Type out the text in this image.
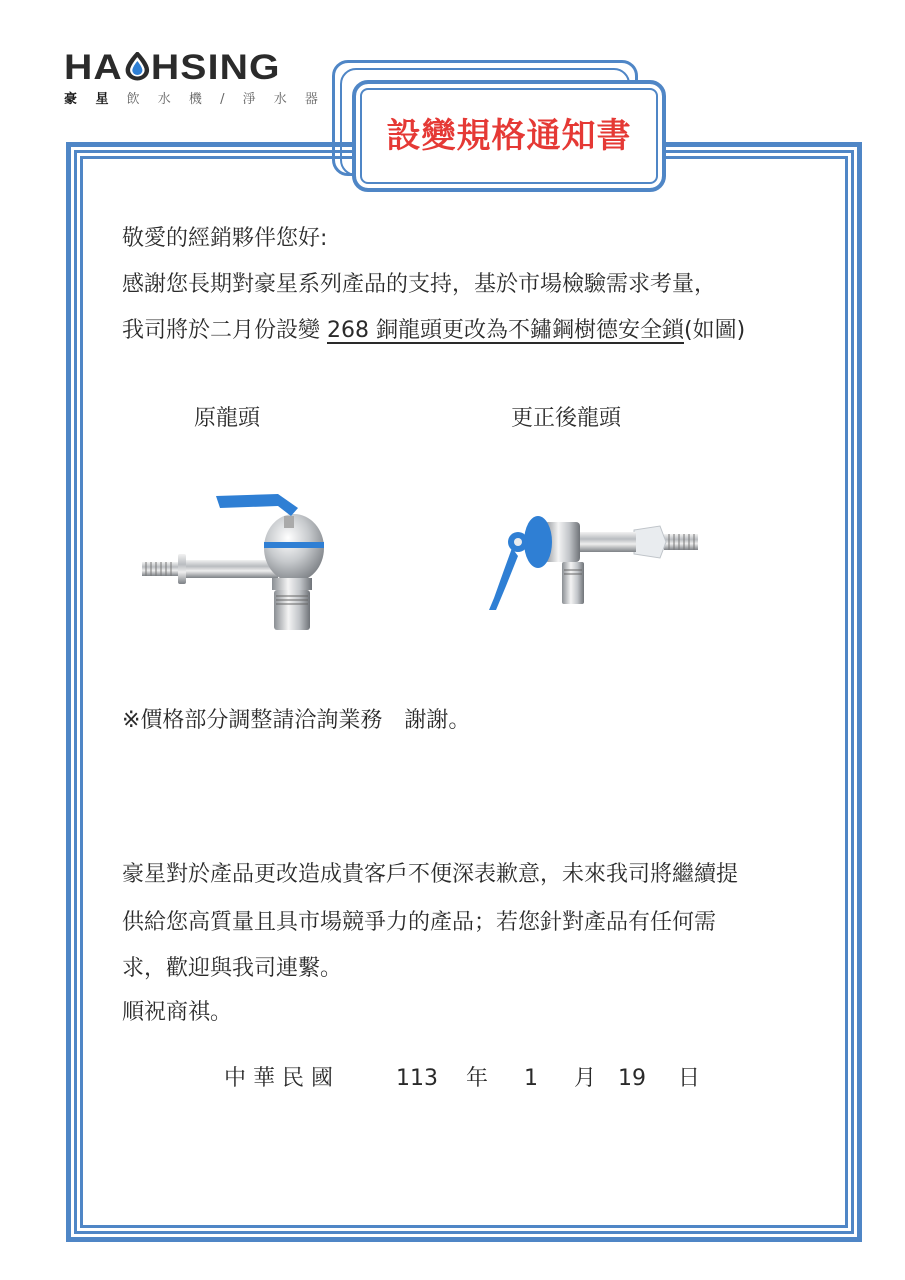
HA HSING
豪 星 飲 水 機 / 淨 水 器
設變規格通知書
敬愛的經銷夥伴您好:
感謝您長期對豪星系列產品的支持，基於市場檢驗需求考量，
我司將於二月份設變 268 銅龍頭更改為不鏽鋼樹德安全鎖(如圖)
原龍頭	更正後龍頭
※價格部分調整請洽詢業務　謝謝。
豪星對於產品更改造成貴客戶不便深表歉意，未來我司將繼續提
供給您高質量且具市場競爭力的產品；若您針對產品有任何需
求，歡迎與我司連繫。
順祝商祺。
中 華 民 國	113 年 1 月 19 日
